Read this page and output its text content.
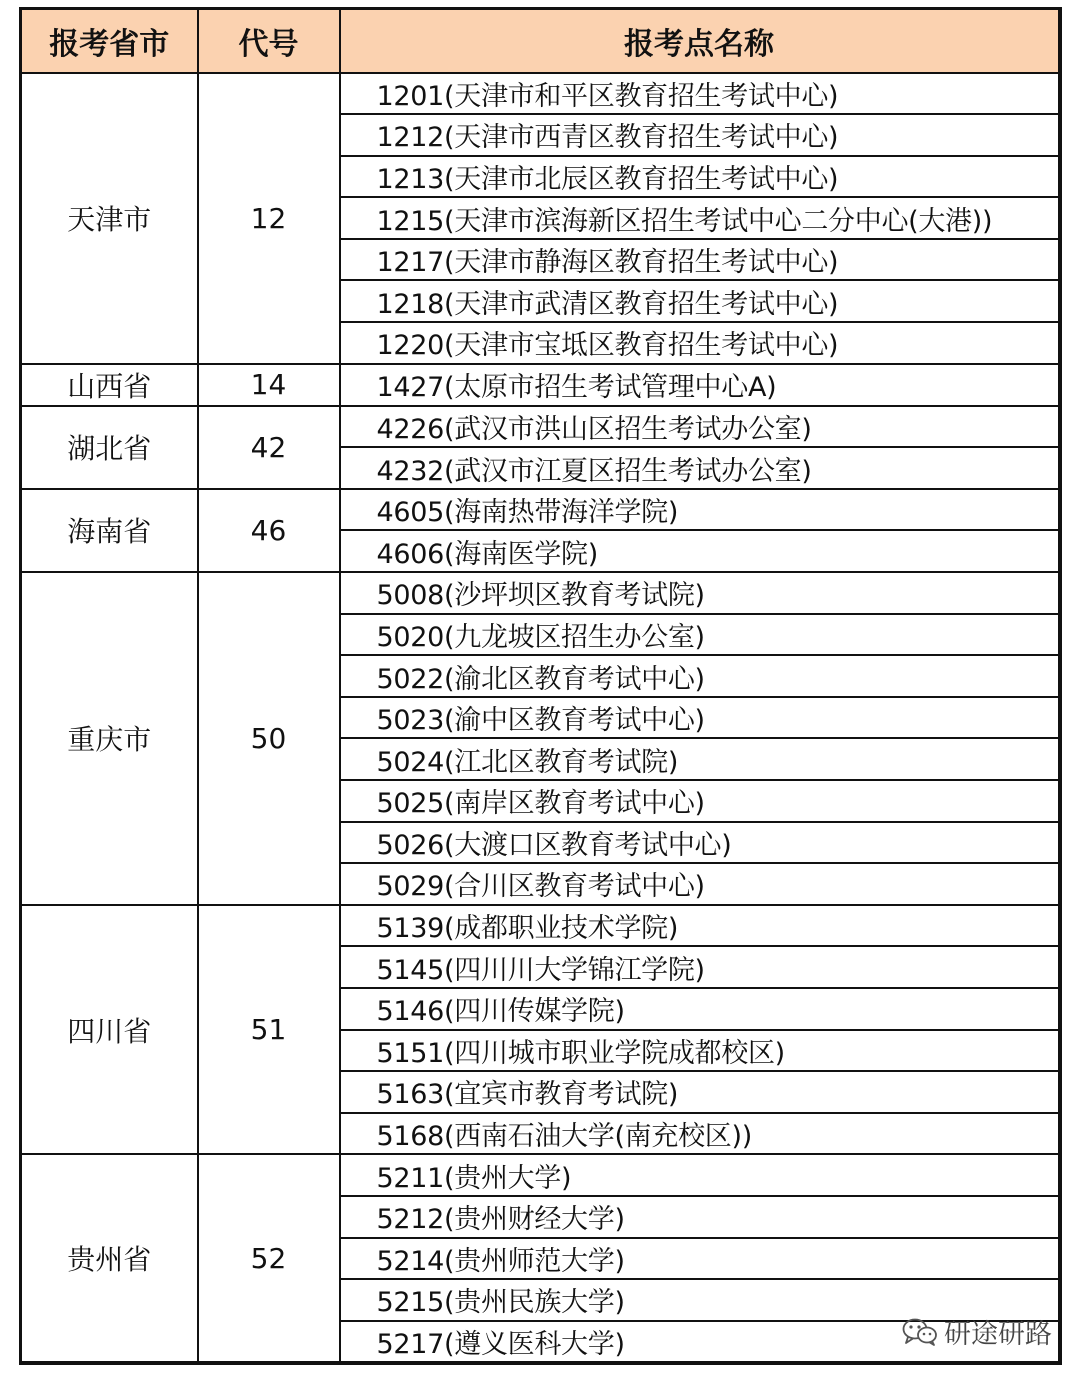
报考省市	代号	报考点名称
天津市	12	1201(天津市和平区教育招生考试中心)
		1212(天津市西青区教育招生考试中心)
		1213(天津市北辰区教育招生考试中心)
		1215(天津市滨海新区招生考试中心二分中心(大港))
		1217(天津市静海区教育招生考试中心)
		1218(天津市武清区教育招生考试中心)
		1220(天津市宝坻区教育招生考试中心)
山西省	14	1427(太原市招生考试管理中心A)
湖北省	42	4226(武汉市洪山区招生考试办公室)
		4232(武汉市江夏区招生考试办公室)
海南省	46	4605(海南热带海洋学院)
		4606(海南医学院)
重庆市	50	5008(沙坪坝区教育考试院)
		5020(九龙坡区招生办公室)
		5022(渝北区教育考试中心)
		5023(渝中区教育考试中心)
		5024(江北区教育考试院)
		5025(南岸区教育考试中心)
		5026(大渡口区教育考试中心)
		5029(合川区教育考试中心)
四川省	51	5139(成都职业技术学院)
		5145(四川川大学锦江学院)
		5146(四川传媒学院)
		5151(四川城市职业学院成都校区)
		5163(宜宾市教育考试院)
		5168(西南石油大学(南充校区))
贵州省	52	5211(贵州大学)
		5212(贵州财经大学)
		5214(贵州师范大学)
		5215(贵州民族大学)
		5217(遵义医科大学)	研途研路
